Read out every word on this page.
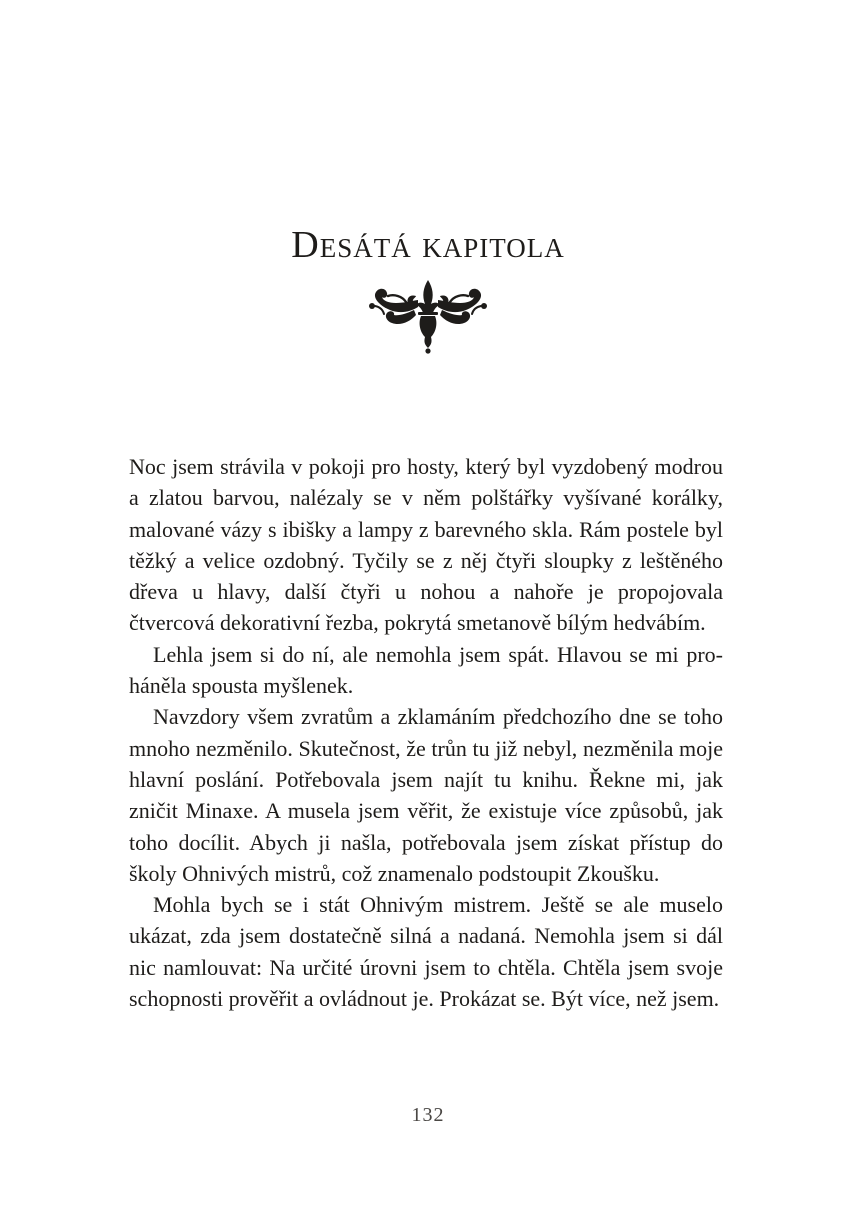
Desátá kapitola

Noc jsem strávila v pokoji pro hosty, který byl vyzdobený modrou a zlatou barvou, nalézaly se v něm polštářky vyšívané korálky, malované vázy s ibišky a lampy z barevného skla. Rám postele byl těžký a velice ozdobný. Tyčily se z něj čtyři sloupky z leštěného dřeva u hlavy, další čtyři u nohou a nahoře je propojovala čtvercová dekorativní řezba, pokrytá smetanově bílým hedvábím.

Lehla jsem si do ní, ale nemohla jsem spát. Hlavou se mi proháněla spousta myšlenek.

Navzdory všem zvratům a zklamáním předchozího dne se toho mnoho nezměnilo. Skutečnost, že trůn tu již nebyl, nezměnila moje hlavní poslání. Potřebovala jsem najít tu knihu. Řekne mi, jak zničit Minaxe. A musela jsem věřit, že existuje více způsobů, jak toho docílit. Abych ji našla, potřebovala jsem získat přístup do školy Ohnivých mistrů, což znamenalo podstoupit Zkoušku.

Mohla bych se i stát Ohnivým mistrem. Ještě se ale muselo ukázat, zda jsem dostatečně silná a nadaná. Nemohla jsem si dál nic namlouvat: Na určité úrovni jsem to chtěla. Chtěla jsem svoje schopnosti prověřit a ovládnout je. Prokázat se. Být více, než jsem.

132
